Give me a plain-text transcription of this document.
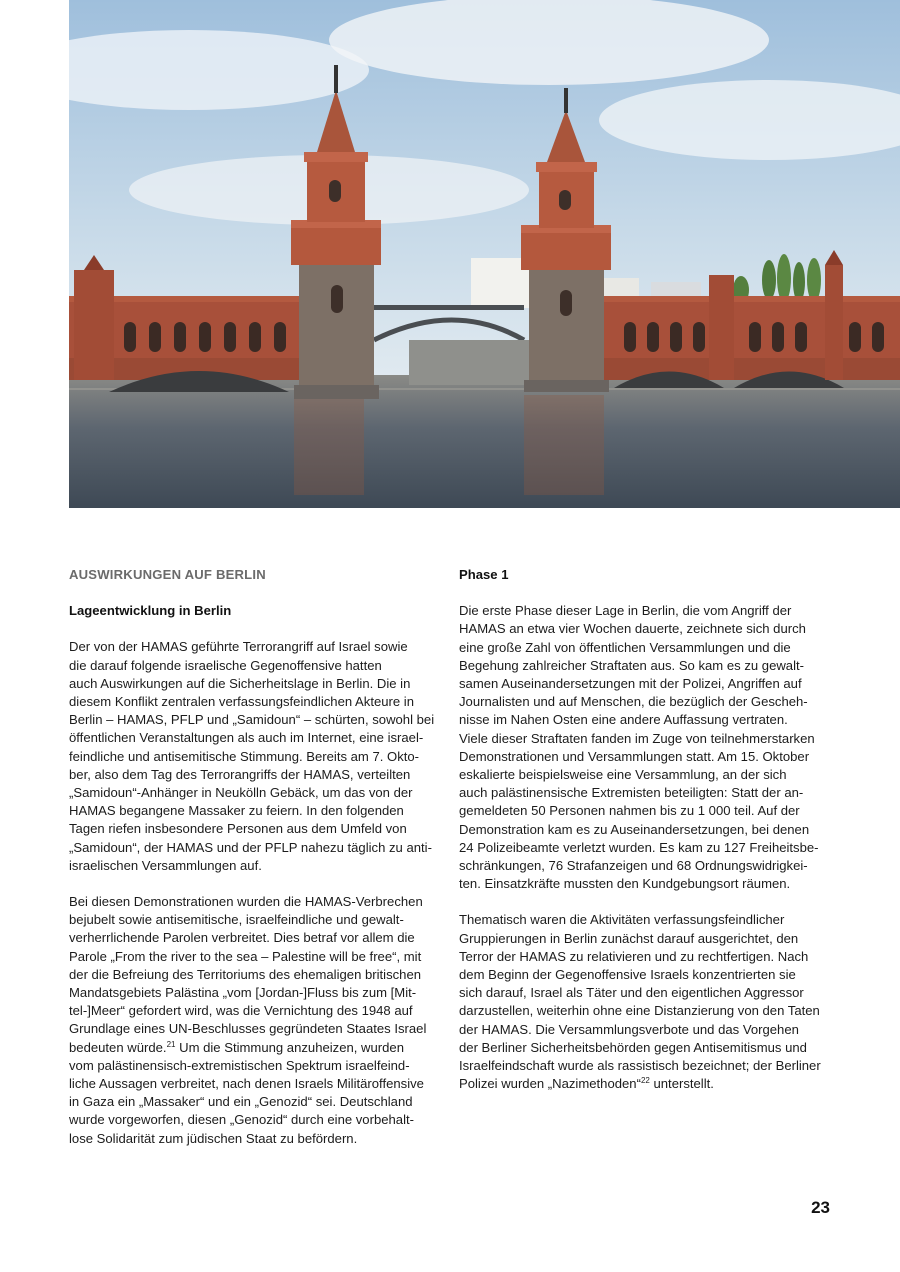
AUSWIRKUNGEN AUF BERLIN
Lageentwicklung in Berlin
Der von der HAMAS geführte Terrorangriff auf Israel sowie
die darauf folgende israelische Gegenoffensive hatten
auch Auswirkungen auf die Sicherheitslage in Berlin. Die in
diesem Konflikt zentralen verfassungsfeindlichen Akteure in
Berlin – HAMAS, PFLP und „Samidoun“ – schürten, sowohl bei
öffentlichen Veranstaltungen als auch im Internet, eine israel-
feindliche und antisemitische Stimmung. Bereits am 7. Okto-
ber, also dem Tag des Terrorangriffs der HAMAS, verteilten
„Samidoun“-Anhänger in Neukölln Gebäck, um das von der
HAMAS begangene Massaker zu feiern. In den folgenden
Tagen riefen insbesondere Personen aus dem Umfeld von
„Samidoun“, der HAMAS und der PFLP nahezu täglich zu anti-
israelischen Versammlungen auf.
Bei diesen Demonstrationen wurden die HAMAS-Verbrechen
bejubelt sowie antisemitische, israelfeindliche und gewalt-
verherrlichende Parolen verbreitet. Dies betraf vor allem die
Parole „From the river to the sea – Palestine will be free“, mit
der die Befreiung des Territoriums des ehemaligen britischen
Mandatsgebiets Palästina „vom [Jordan-]Fluss bis zum [Mit-
tel-]Meer“ gefordert wird, was die Vernichtung des 1948 auf
Grundlage eines UN-Beschlusses gegründeten Staates Israel
bedeuten würde.$^{21}$ Um die Stimmung anzuheizen, wurden
vom palästinensisch-extremistischen Spektrum israelfeind-
liche Aussagen verbreitet, nach denen Israels Militäroffensive
in Gaza ein „Massaker“ und ein „Genozid“ sei. Deutschland
wurde vorgeworfen, diesen „Genozid“ durch eine vorbehalt-
lose Solidarität zum jüdischen Staat zu befördern.
Phase 1
Die erste Phase dieser Lage in Berlin, die vom Angriff der
HAMAS an etwa vier Wochen dauerte, zeichnete sich durch
eine große Zahl von öffentlichen Versammlungen und die
Begehung zahlreicher Straftaten aus. So kam es zu gewalt-
samen Auseinandersetzungen mit der Polizei, Angriffen auf
Journalisten und auf Menschen, die bezüglich der Gescheh-
nisse im Nahen Osten eine andere Auffassung vertraten.
Viele dieser Straftaten fanden im Zuge von teilnehmerstarken
Demonstrationen und Versammlungen statt. Am 15. Oktober
eskalierte beispielsweise eine Versammlung, an der sich
auch palästinensische Extremisten beteiligten: Statt der an-
gemeldeten 50 Personen nahmen bis zu 1 000 teil. Auf der
Demonstration kam es zu Auseinandersetzungen, bei denen
24 Polizeibeamte verletzt wurden. Es kam zu 127 Freiheitsbe-
schränkungen, 76 Strafanzeigen und 68 Ordnungswidrigkei-
ten. Einsatzkräfte mussten den Kundgebungsort räumen.
Thematisch waren die Aktivitäten verfassungsfeindlicher
Gruppierungen in Berlin zunächst darauf ausgerichtet, den
Terror der HAMAS zu relativieren und zu rechtfertigen. Nach
dem Beginn der Gegenoffensive Israels konzentrierten sie
sich darauf, Israel als Täter und den eigentlichen Aggressor
darzustellen, weiterhin ohne eine Distanzierung von den Taten
der HAMAS. Die Versammlungsverbote und das Vorgehen
der Berliner Sicherheitsbehörden gegen Antisemitismus und
Israelfeindschaft wurde als rassistisch bezeichnet; der Berliner
Polizei wurden „Nazimethoden“$^{22}$ unterstellt.
23
